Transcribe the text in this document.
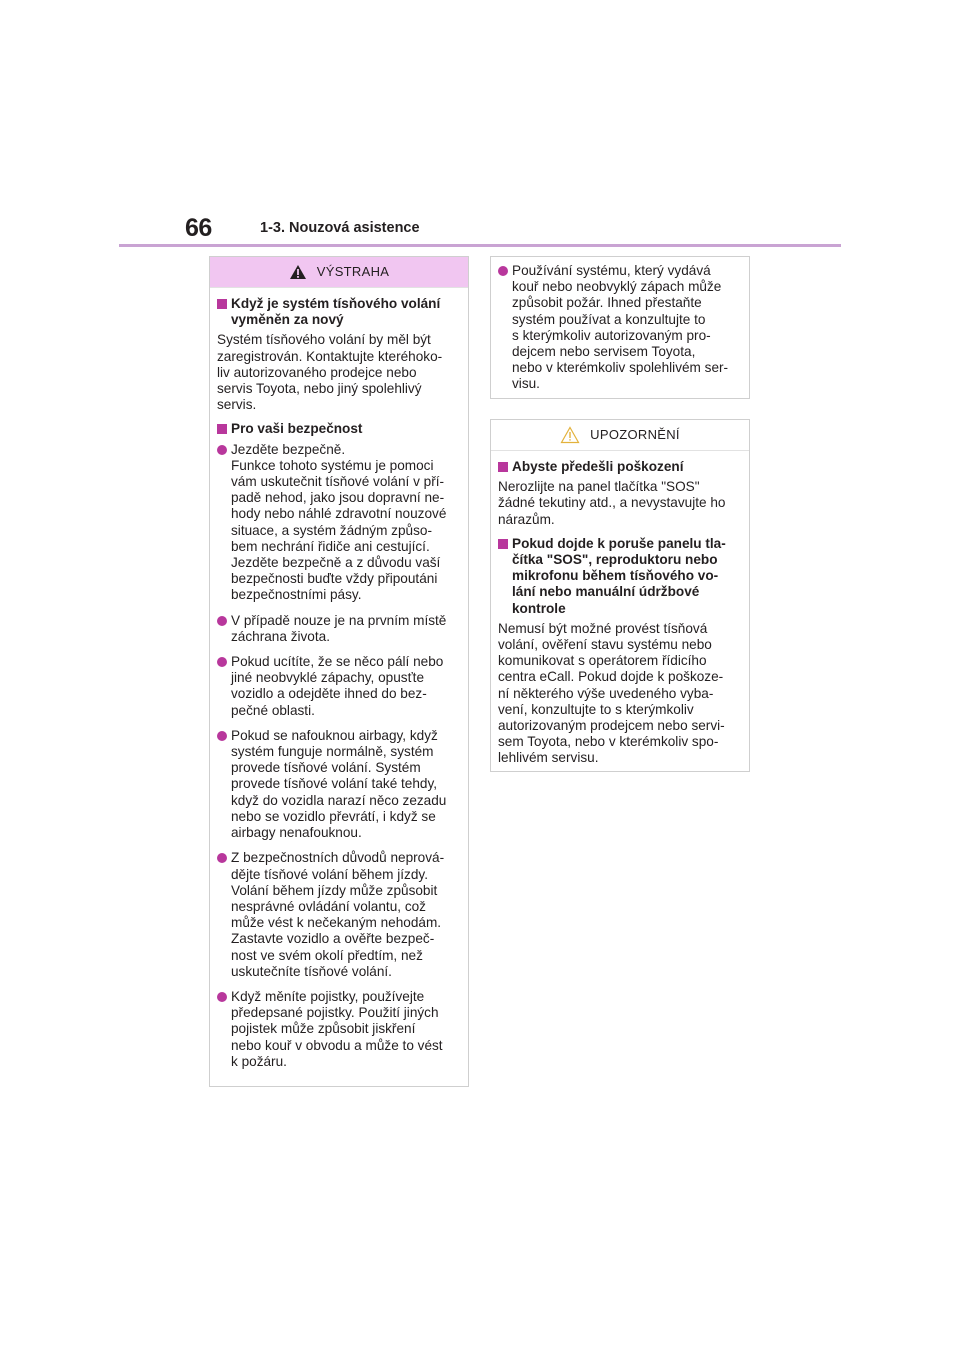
66	1-3. Nouzová asistence
VÝSTRAHA
Když je systém tísňového volání
vyměněn za nový
Systém tísňového volání by měl být
zaregistrován. Kontaktujte kteréhoko-
liv autorizovaného prodejce nebo
servis Toyota, nebo jiný spolehlivý
servis.
Pro vaši bezpečnost
Jezděte bezpečně.
Funkce tohoto systému je pomoci
vám uskutečnit tísňové volání v pří-
padě nehod, jako jsou dopravní ne-
hody nebo náhlé zdravotní nouzové
situace, a systém žádným způso-
bem nechrání řidiče ani cestující.
Jezděte bezpečně a z důvodu vaší
bezpečnosti buďte vždy připoutáni
bezpečnostními pásy.
V případě nouze je na prvním místě
záchrana života.
Pokud ucítíte, že se něco pálí nebo
jiné neobvyklé zápachy, opusťte
vozidlo a odejděte ihned do bez-
pečné oblasti.
Pokud se nafouknou airbagy, když
systém funguje normálně, systém
provede tísňové volání. Systém
provede tísňové volání také tehdy,
když do vozidla narazí něco zezadu
nebo se vozidlo převrátí, i když se
airbagy nenafouknou.
Z bezpečnostních důvodů neprová-
dějte tísňové volání během jízdy.
Volání během jízdy může způsobit
nesprávné ovládání volantu, což
může vést k nečekaným nehodám.
Zastavte vozidlo a ověřte bezpeč-
nost ve svém okolí předtím, než
uskutečníte tísňové volání.
Když měníte pojistky, používejte
předepsané pojistky. Použití jiných
pojistek může způsobit jiskření
nebo kouř v obvodu a může to vést
k požáru.
Používání systému, který vydává
kouř nebo neobvyklý zápach může
způsobit požár. Ihned přestaňte
systém používat a konzultujte to
s kterýmkoliv autorizovaným pro-
dejcem nebo servisem Toyota,
nebo v kterémkoliv spolehlivém ser-
visu.
UPOZORNĚNÍ
Abyste předešli poškození
Nerozlijte na panel tlačítka "SOS"
žádné tekutiny atd., a nevystavujte ho
nárazům.
Pokud dojde k poruše panelu tla-
čítka "SOS", reproduktoru nebo
mikrofonu během tísňového vo-
lání nebo manuální údržbové
kontrole
Nemusí být možné provést tísňová
volání, ověření stavu systému nebo
komunikovat s operátorem řídicího
centra eCall. Pokud dojde k poškoze-
ní některého výše uvedeného vyba-
vení, konzultujte to s kterýmkoliv
autorizovaným prodejcem nebo servi-
sem Toyota, nebo v kterémkoliv spo-
lehlivém servisu.
